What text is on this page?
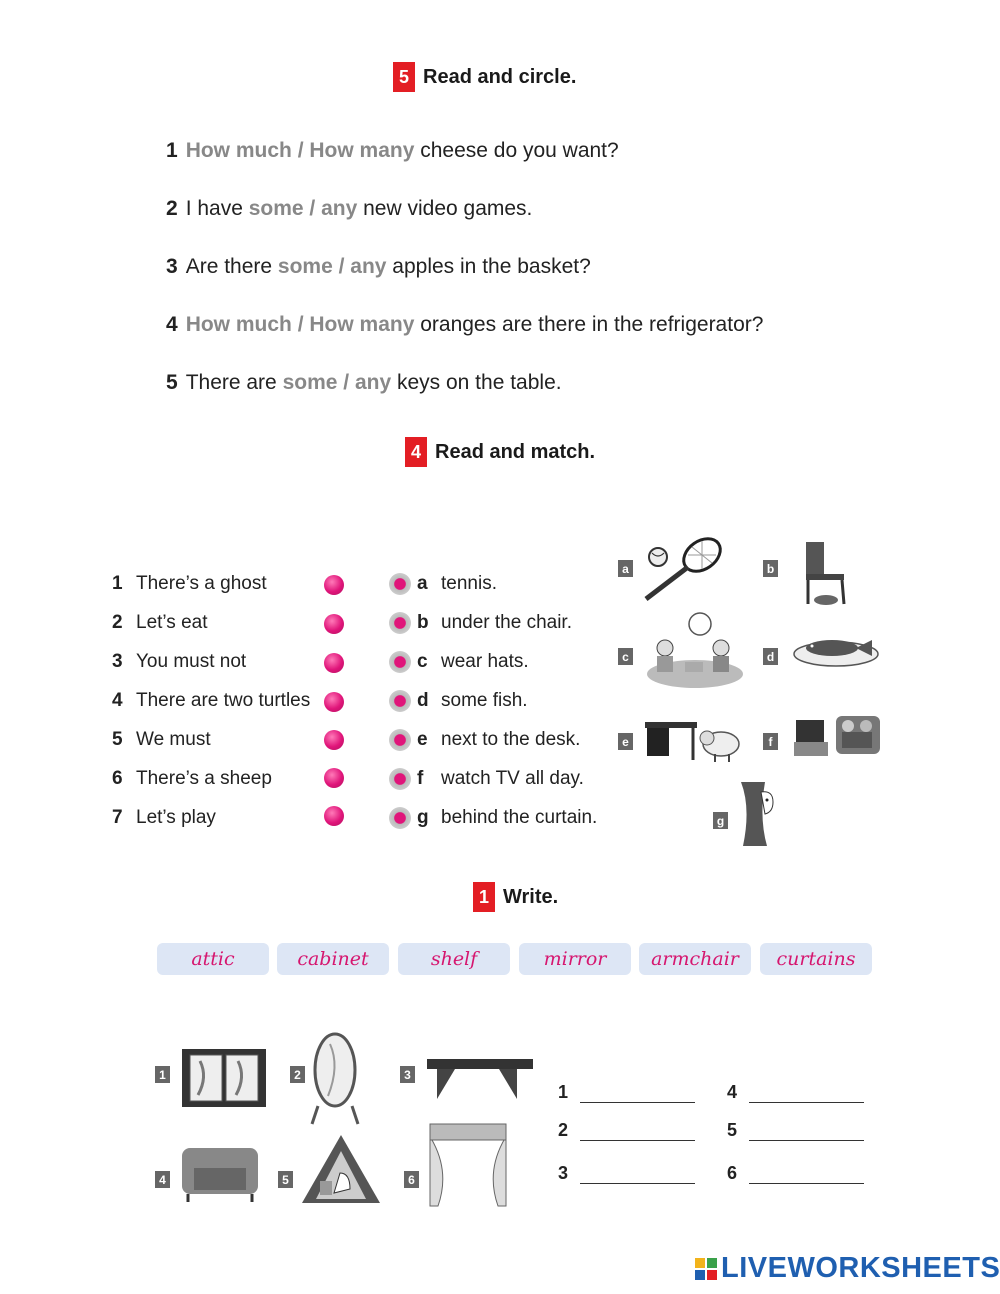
5 Read and circle.
1 How much / How many cheese do you want?
2 I have some / any new video games.
3 Are there some / any apples in the basket?
4 How much / How many oranges are there in the refrigerator?
5 There are some / any keys on the table.
4 Read and match.
1 There’s a ghost
2 Let’s eat
3 You must not
4 There are two turtles
5 We must
6 There’s a sheep
7 Let’s play
a tennis.
b under the chair.
c wear hats.
d some fish.
e next to the desk.
f watch TV all day.
g behind the curtain.
a	b
c	d
e	f
g
1 Write.
attic	cabinet	shelf	mirror	armchair	curtains
1	2	3
4	5	6
1
2
3
4
5
6
LIVEWORKSHEETS
